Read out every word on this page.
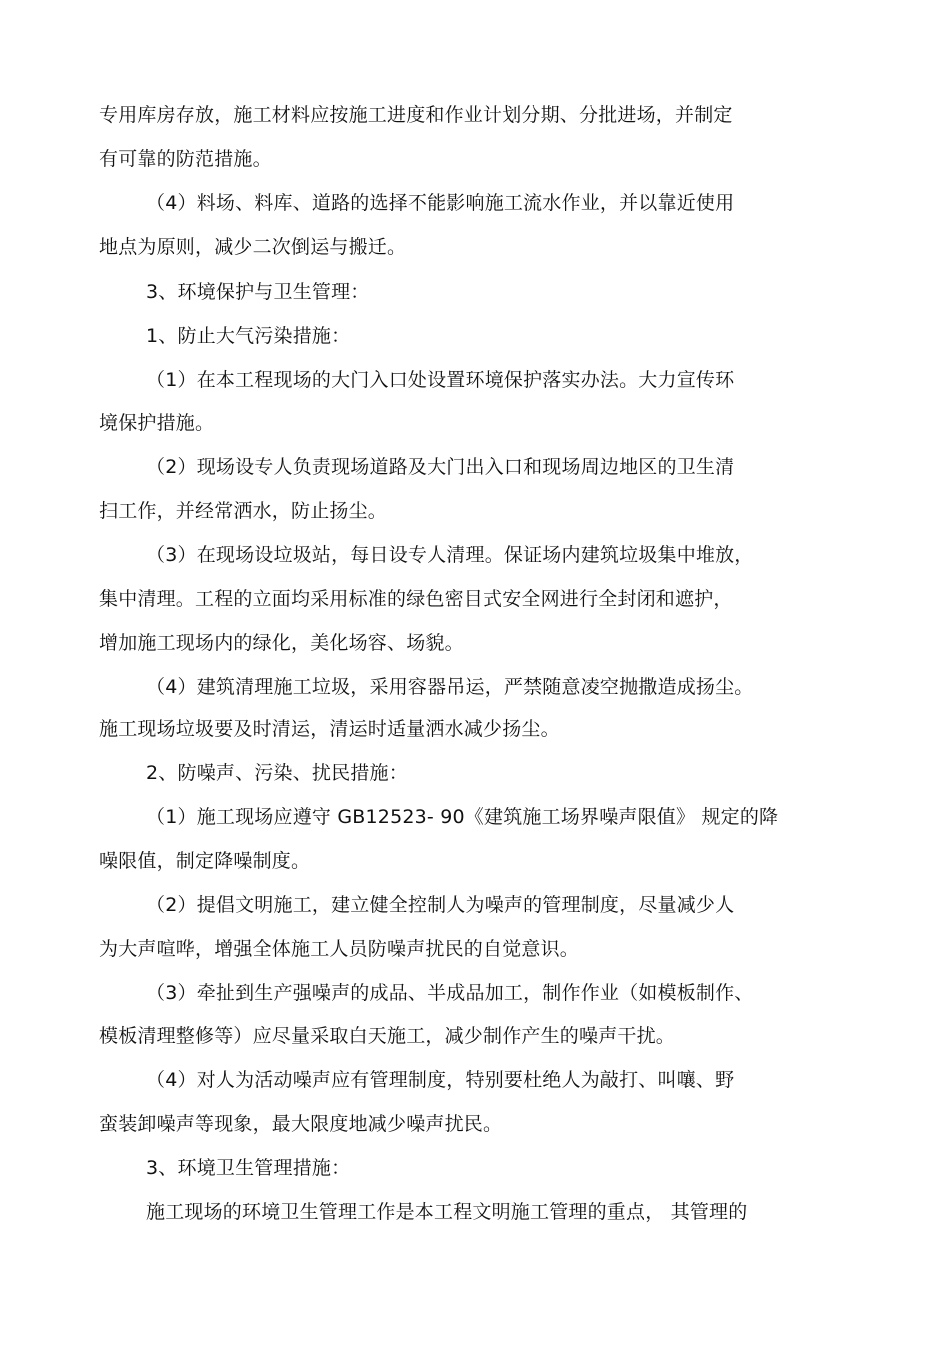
专用库房存放，施工材料应按施工进度和作业计划分期、分批进场，并制定
有可靠的防范措施。
（4）料场、料库、道路的选择不能影响施工流水作业，并以靠近使用
地点为原则，减少二次倒运与搬迁。
3、环境保护与卫生管理：
1、防止大气污染措施：
（1）在本工程现场的大门入口处设置环境保护落实办法。大力宣传环
境保护措施。
（2）现场设专人负责现场道路及大门出入口和现场周边地区的卫生清
扫工作，并经常洒水，防止扬尘。
（3）在现场设垃圾站，每日设专人清理。保证场内建筑垃圾集中堆放，
集中清理。工程的立面均采用标准的绿色密目式安全网进行全封闭和遮护，
增加施工现场内的绿化，美化场容、场貌。
（4）建筑清理施工垃圾，采用容器吊运，严禁随意凌空抛撒造成扬尘。
施工现场垃圾要及时清运，清运时适量洒水减少扬尘。
2、防噪声、污染、扰民措施：
（1）施工现场应遵守 GB12523- 90《建筑施工场界噪声限值》 规定的降
噪限值，制定降噪制度。
（2）提倡文明施工，建立健全控制人为噪声的管理制度，尽量减少人
为大声喧哗，增强全体施工人员防噪声扰民的自觉意识。
（3）牵扯到生产强噪声的成品、半成品加工，制作作业（如模板制作、
模板清理整修等）应尽量采取白天施工，减少制作产生的噪声干扰。
（4）对人为活动噪声应有管理制度，特别要杜绝人为敲打、叫嚷、野
蛮装卸噪声等现象，最大限度地减少噪声扰民。
3、环境卫生管理措施：
施工现场的环境卫生管理工作是本工程文明施工管理的重点， 其管理的
